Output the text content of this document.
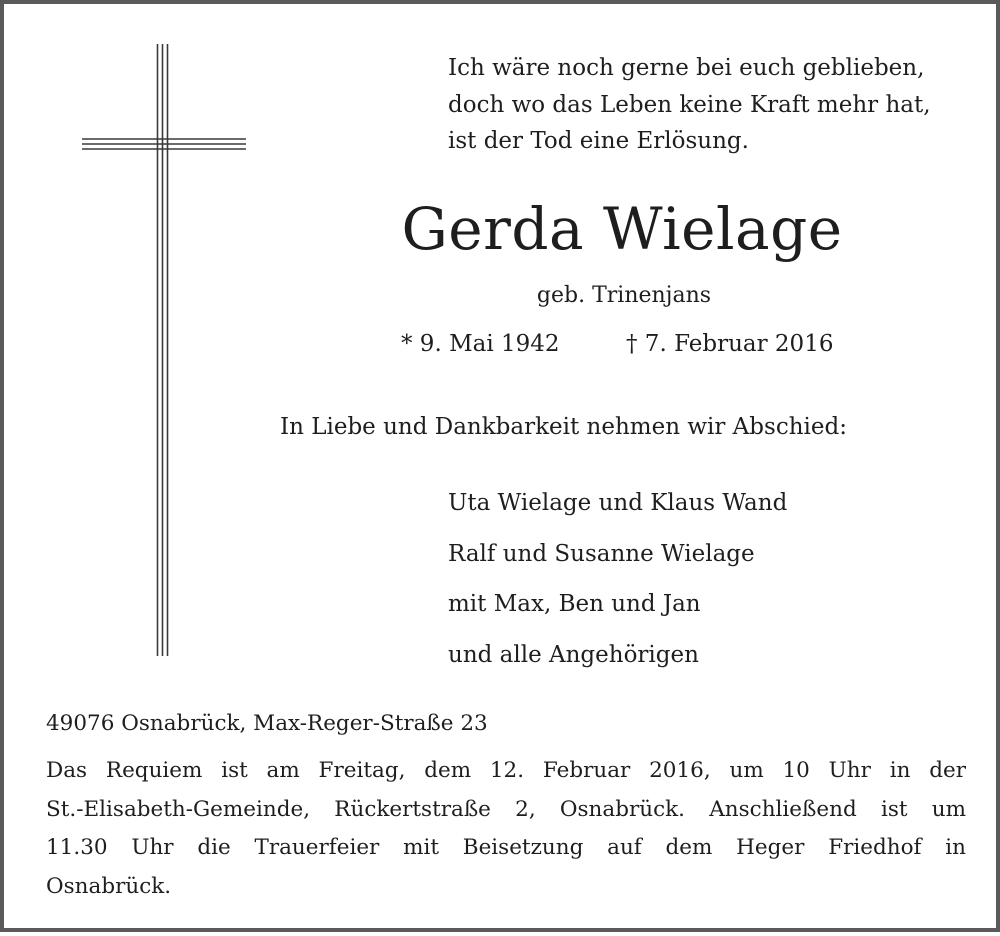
Ich wäre noch gerne bei euch geblieben,
doch wo das Leben keine Kraft mehr hat,
ist der Tod eine Erlösung.
Gerda Wielage
geb. Trinenjans
* 9. Mai 1942	† 7. Februar 2016
In Liebe und Dankbarkeit nehmen wir Abschied:
Uta Wielage und Klaus Wand
Ralf und Susanne Wielage
mit Max, Ben und Jan
und alle Angehörigen
49076 Osnabrück, Max-Reger-Straße 23
Das Requiem ist am Freitag, dem 12. Februar 2016, um 10 Uhr in der
St.-Elisabeth-Gemeinde, Rückertstraße 2, Osnabrück. Anschließend ist um
11.30 Uhr die Trauerfeier mit Beisetzung auf dem Heger Friedhof in
Osnabrück.
